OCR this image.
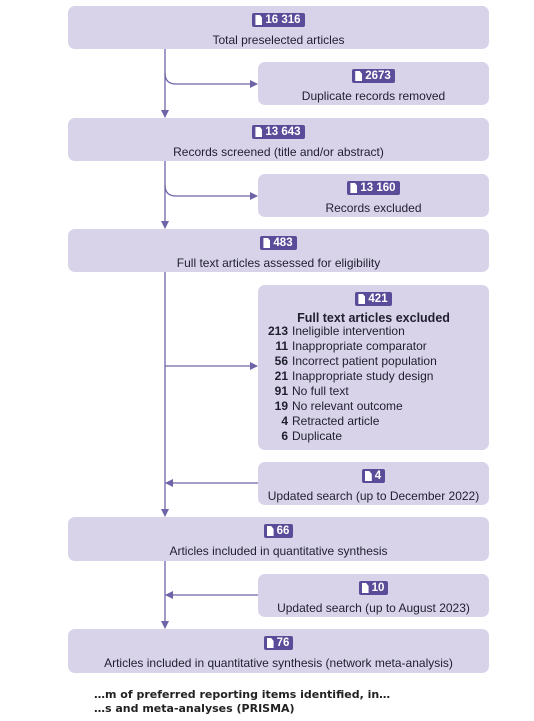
16 316
Total preselected articles
2673
Duplicate records removed
13 643
Records screened (title and/or abstract)
13 160
Records excluded
483
Full text articles assessed for eligibility
421
Full text articles excluded
213 Ineligible intervention
11 Inappropriate comparator
56 Incorrect patient population
21 Inappropriate study design
91 No full text
19 No relevant outcome
4 Retracted article
6 Duplicate
4
Updated search (up to December 2022)
66
Articles included in quantitative synthesis
10
Updated search (up to August 2023)
76
Articles included in quantitative synthesis (network meta-analysis)
…m of preferred reporting items identified, in…
…s and meta-analyses (PRISMA)
